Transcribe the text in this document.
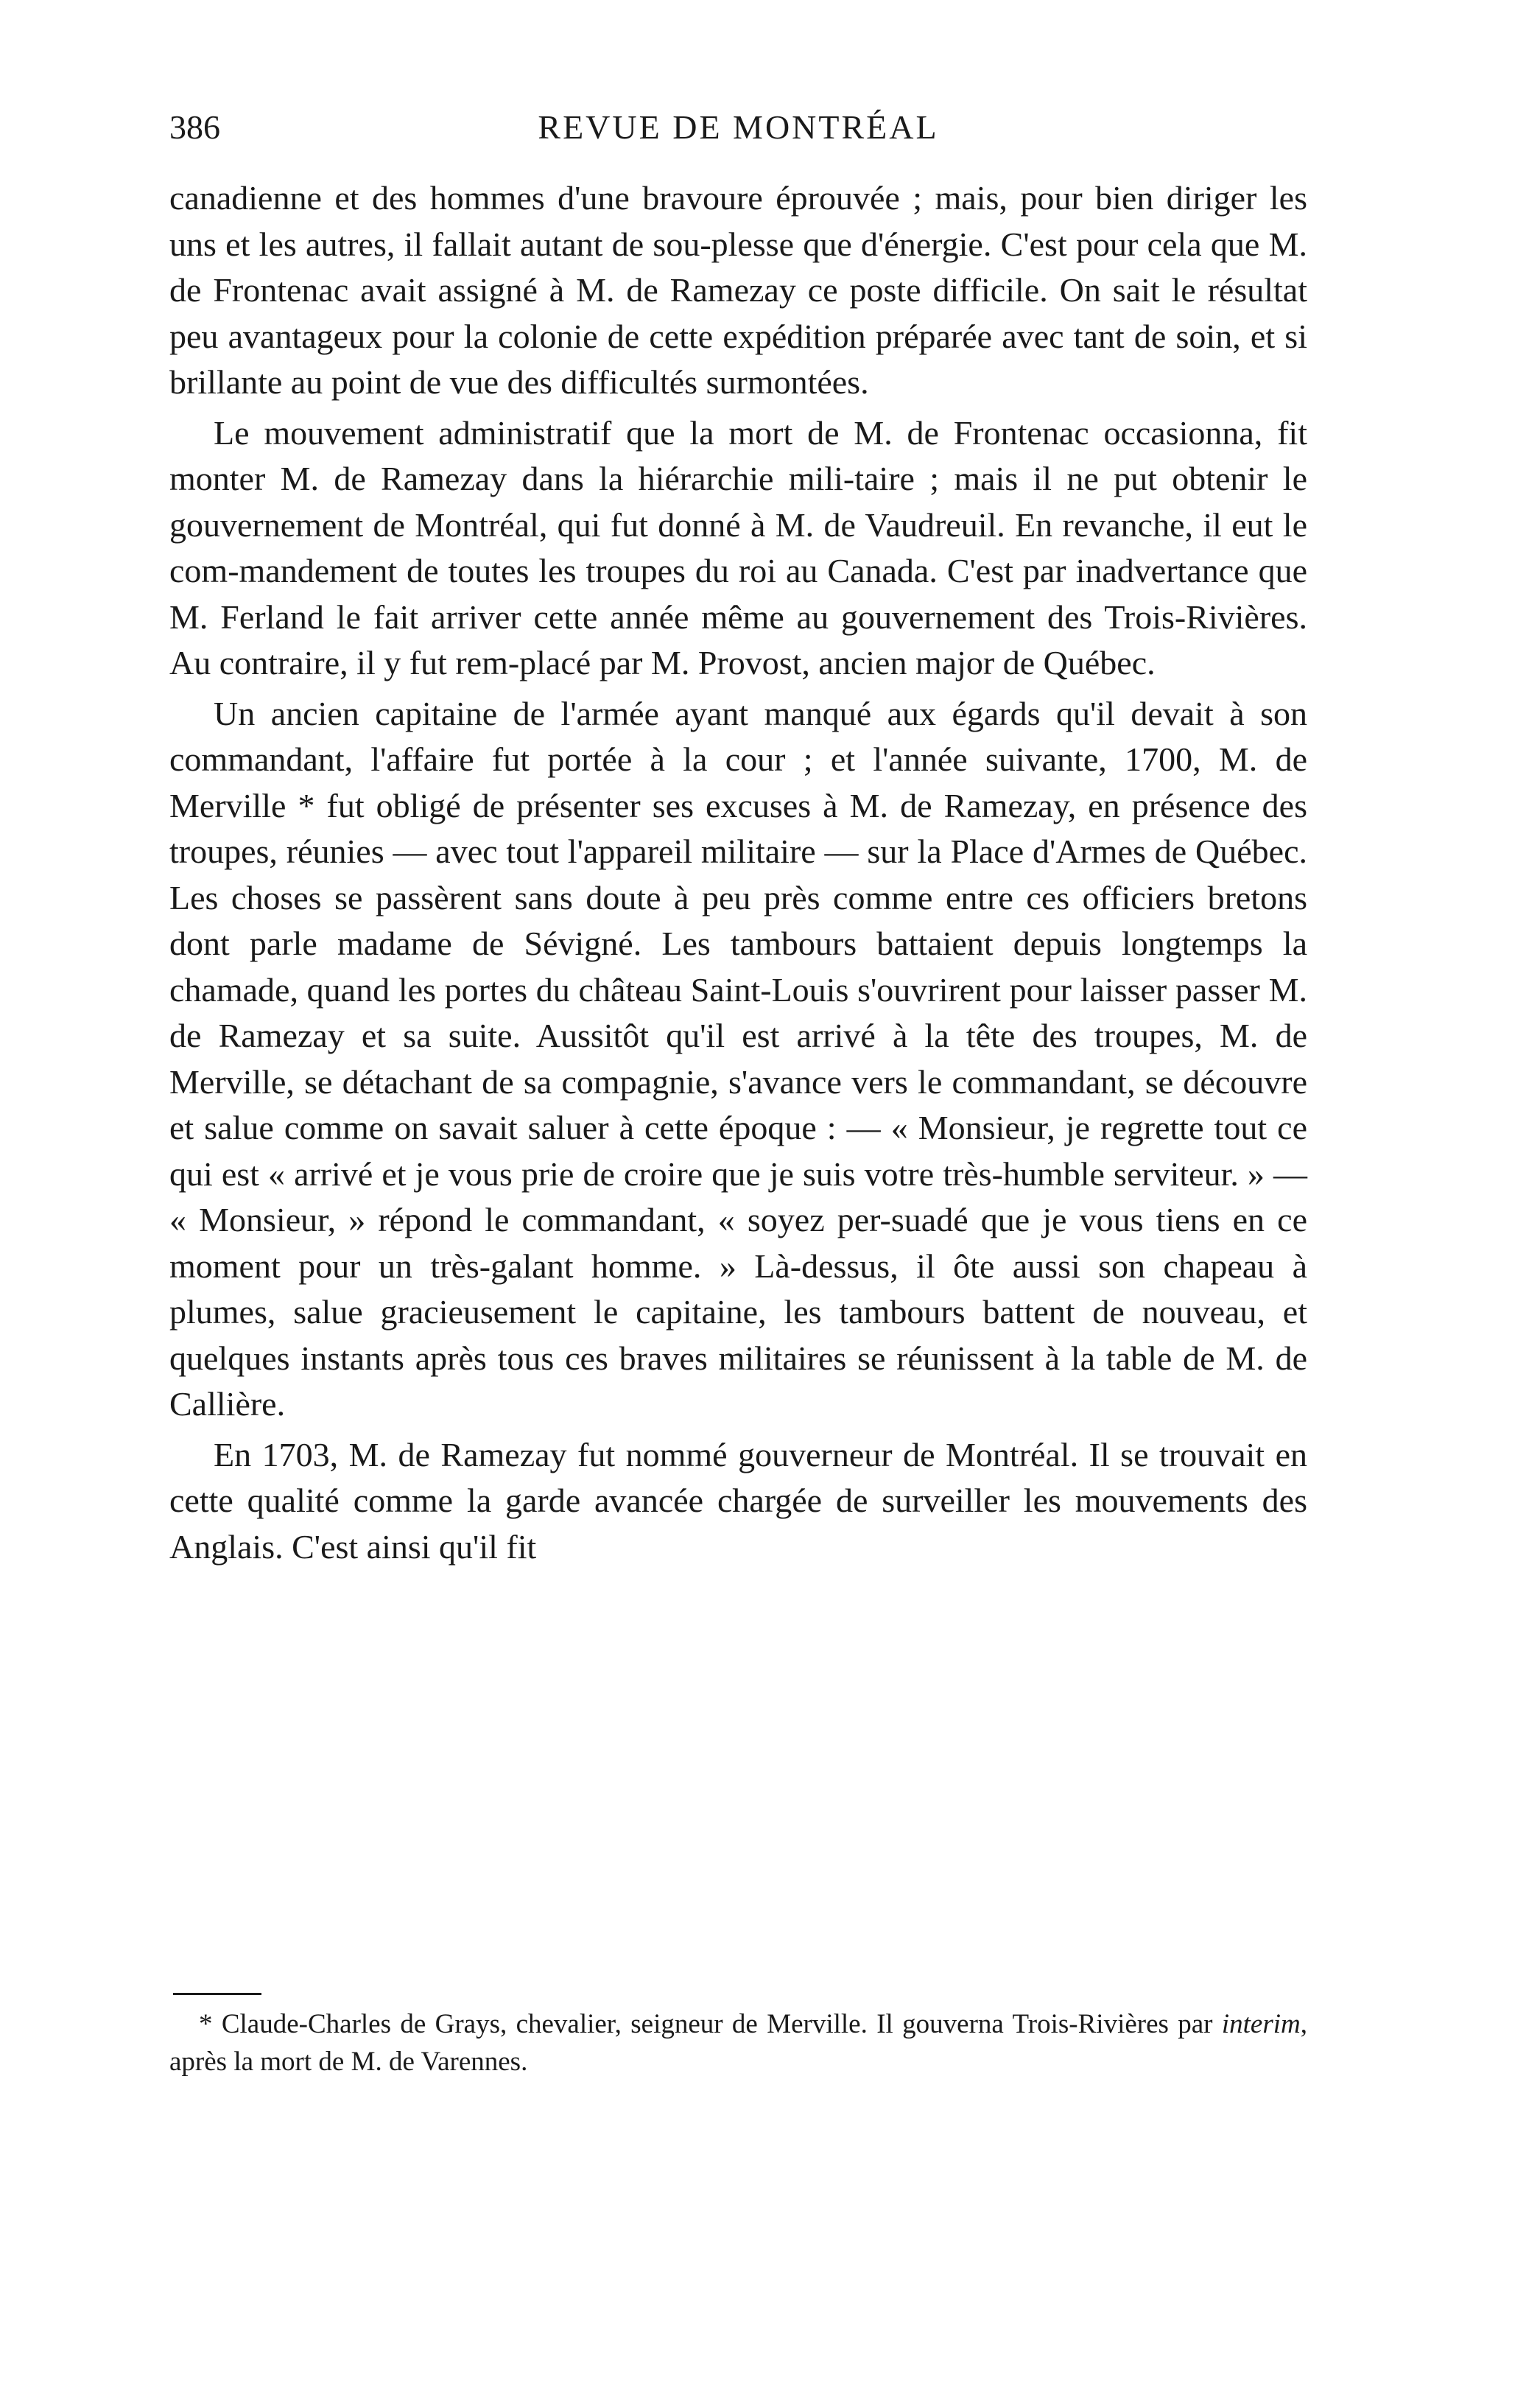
386	REVUE DE MONTRÉAL

canadienne et des hommes d'une bravoure éprouvée ; mais, pour bien diriger les uns et les autres, il fallait autant de sou-plesse que d'énergie. C'est pour cela que M. de Frontenac avait assigné à M. de Ramezay ce poste difficile. On sait le résultat peu avantageux pour la colonie de cette expédition préparée avec tant de soin, et si brillante au point de vue des difficultés surmontées.

Le mouvement administratif que la mort de M. de Frontenac occasionna, fit monter M. de Ramezay dans la hiérarchie mili-taire ; mais il ne put obtenir le gouvernement de Montréal, qui fut donné à M. de Vaudreuil. En revanche, il eut le com-mandement de toutes les troupes du roi au Canada. C'est par inadvertance que M. Ferland le fait arriver cette année même au gouvernement des Trois-Rivières. Au contraire, il y fut rem-placé par M. Provost, ancien major de Québec.

Un ancien capitaine de l'armée ayant manqué aux égards qu'il devait à son commandant, l'affaire fut portée à la cour ; et l'année suivante, 1700, M. de Merville * fut obligé de présenter ses excuses à M. de Ramezay, en présence des troupes, réunies — avec tout l'appareil militaire — sur la Place d'Armes de Québec. Les choses se passèrent sans doute à peu près comme entre ces officiers bretons dont parle madame de Sévigné. Les tambours battaient depuis longtemps la chamade, quand les portes du château Saint-Louis s'ouvrirent pour laisser passer M. de Ramezay et sa suite. Aussitôt qu'il est arrivé à la tête des troupes, M. de Merville, se détachant de sa compagnie, s'avance vers le commandant, se découvre et salue comme on savait saluer à cette époque : — « Monsieur, je regrette tout ce qui est « arrivé et je vous prie de croire que je suis votre très-humble serviteur. » — « Monsieur, » répond le commandant, « soyez per-suadé que je vous tiens en ce moment pour un très-galant homme. » Là-dessus, il ôte aussi son chapeau à plumes, salue gracieusement le capitaine, les tambours battent de nouveau, et quelques instants après tous ces braves militaires se réunissent à la table de M. de Callière.

En 1703, M. de Ramezay fut nommé gouverneur de Montréal. Il se trouvait en cette qualité comme la garde avancée chargée de surveiller les mouvements des Anglais. C'est ainsi qu'il fit

* Claude-Charles de Grays, chevalier, seigneur de Merville. Il gouverna Trois-Rivières par interim, après la mort de M. de Varennes.
